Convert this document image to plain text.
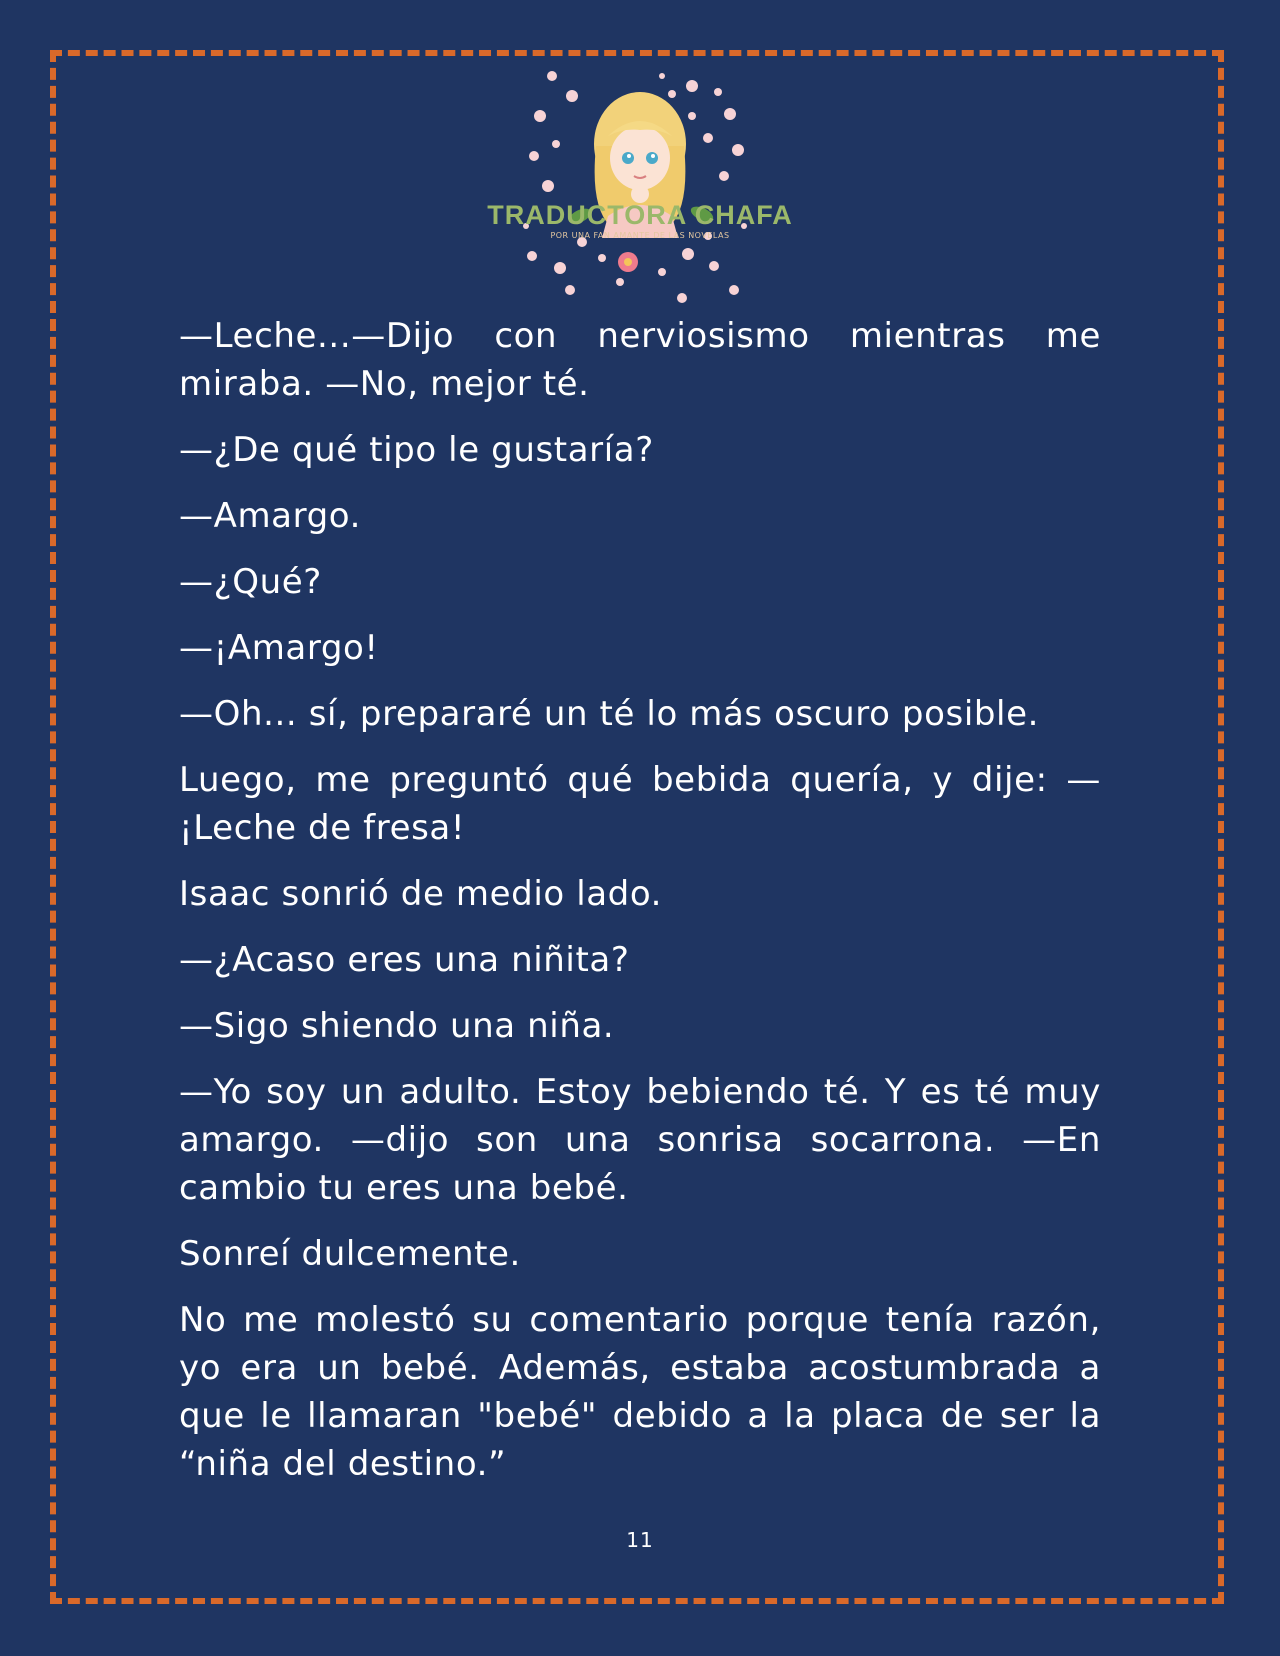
TRADUCTORA CHAFA
POR UNA FAN AMANTE DE LAS NOVELAS

—Leche...—Dijo con nerviosismo mientras me miraba. —No, mejor té.

—¿De qué tipo le gustaría?

—Amargo.

—¿Qué?

—¡Amargo!

—Oh... sí, prepararé un té lo más oscuro posible.

Luego, me preguntó qué bebida quería, y dije: —¡Leche de fresa!

Isaac sonrió de medio lado.

—¿Acaso eres una niñita?

—Sigo shiendo una niña.

—Yo soy un adulto. Estoy bebiendo té. Y es té muy amargo. —dijo son una sonrisa socarrona. —En cambio tu eres una bebé.

Sonreí dulcemente.

No me molestó su comentario porque tenía razón, yo era un bebé. Además, estaba acostumbrada a que le llamaran "bebé" debido a la placa de ser la “niña del destino.”

11
